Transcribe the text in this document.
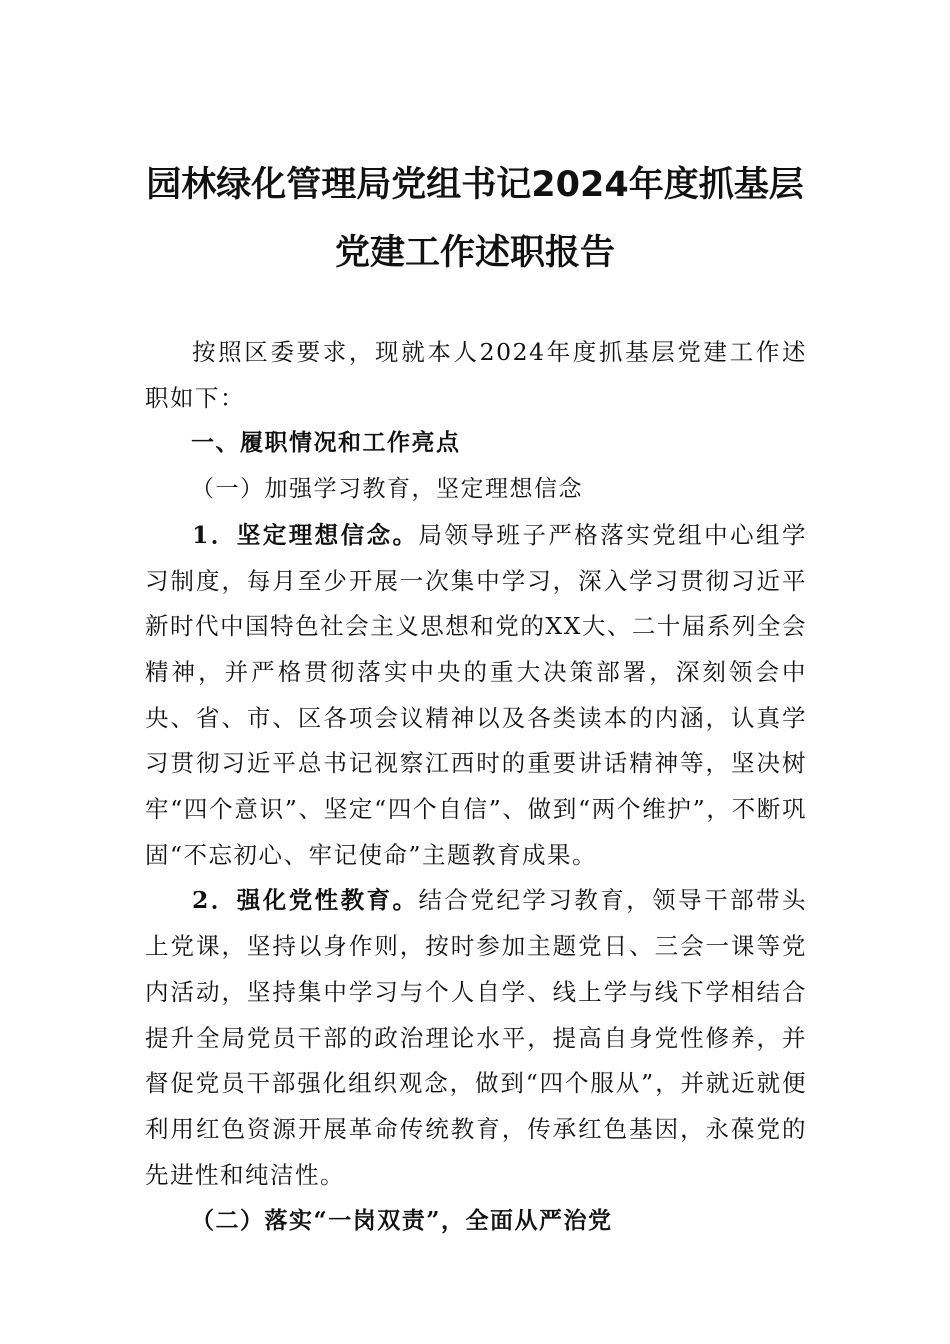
园林绿化管理局党组书记2024年度抓基层
党建工作述职报告

按照区委要求，现就本人2024年度抓基层党建工作述职如下：

一、履职情况和工作亮点

（一）加强学习教育，坚定理想信念

1．坚定理想信念。局领导班子严格落实党组中心组学习制度，每月至少开展一次集中学习，深入学习贯彻习近平新时代中国特色社会主义思想和党的XX大、二十届系列全会精神，并严格贯彻落实中央的重大决策部署，深刻领会中央、省、市、区各项会议精神以及各类读本的内涵，认真学习贯彻习近平总书记视察江西时的重要讲话精神等，坚决树牢“四个意识”、坚定“四个自信”、做到“两个维护”，不断巩固“不忘初心、牢记使命”主题教育成果。

2．强化党性教育。结合党纪学习教育，领导干部带头上党课，坚持以身作则，按时参加主题党日、三会一课等党内活动，坚持集中学习与个人自学、线上学与线下学相结合提升全局党员干部的政治理论水平，提高自身党性修养，并督促党员干部强化组织观念，做到“四个服从”，并就近就便利用红色资源开展革命传统教育，传承红色基因，永葆党的先进性和纯洁性。

（二）落实“一岗双责”，全面从严治党
